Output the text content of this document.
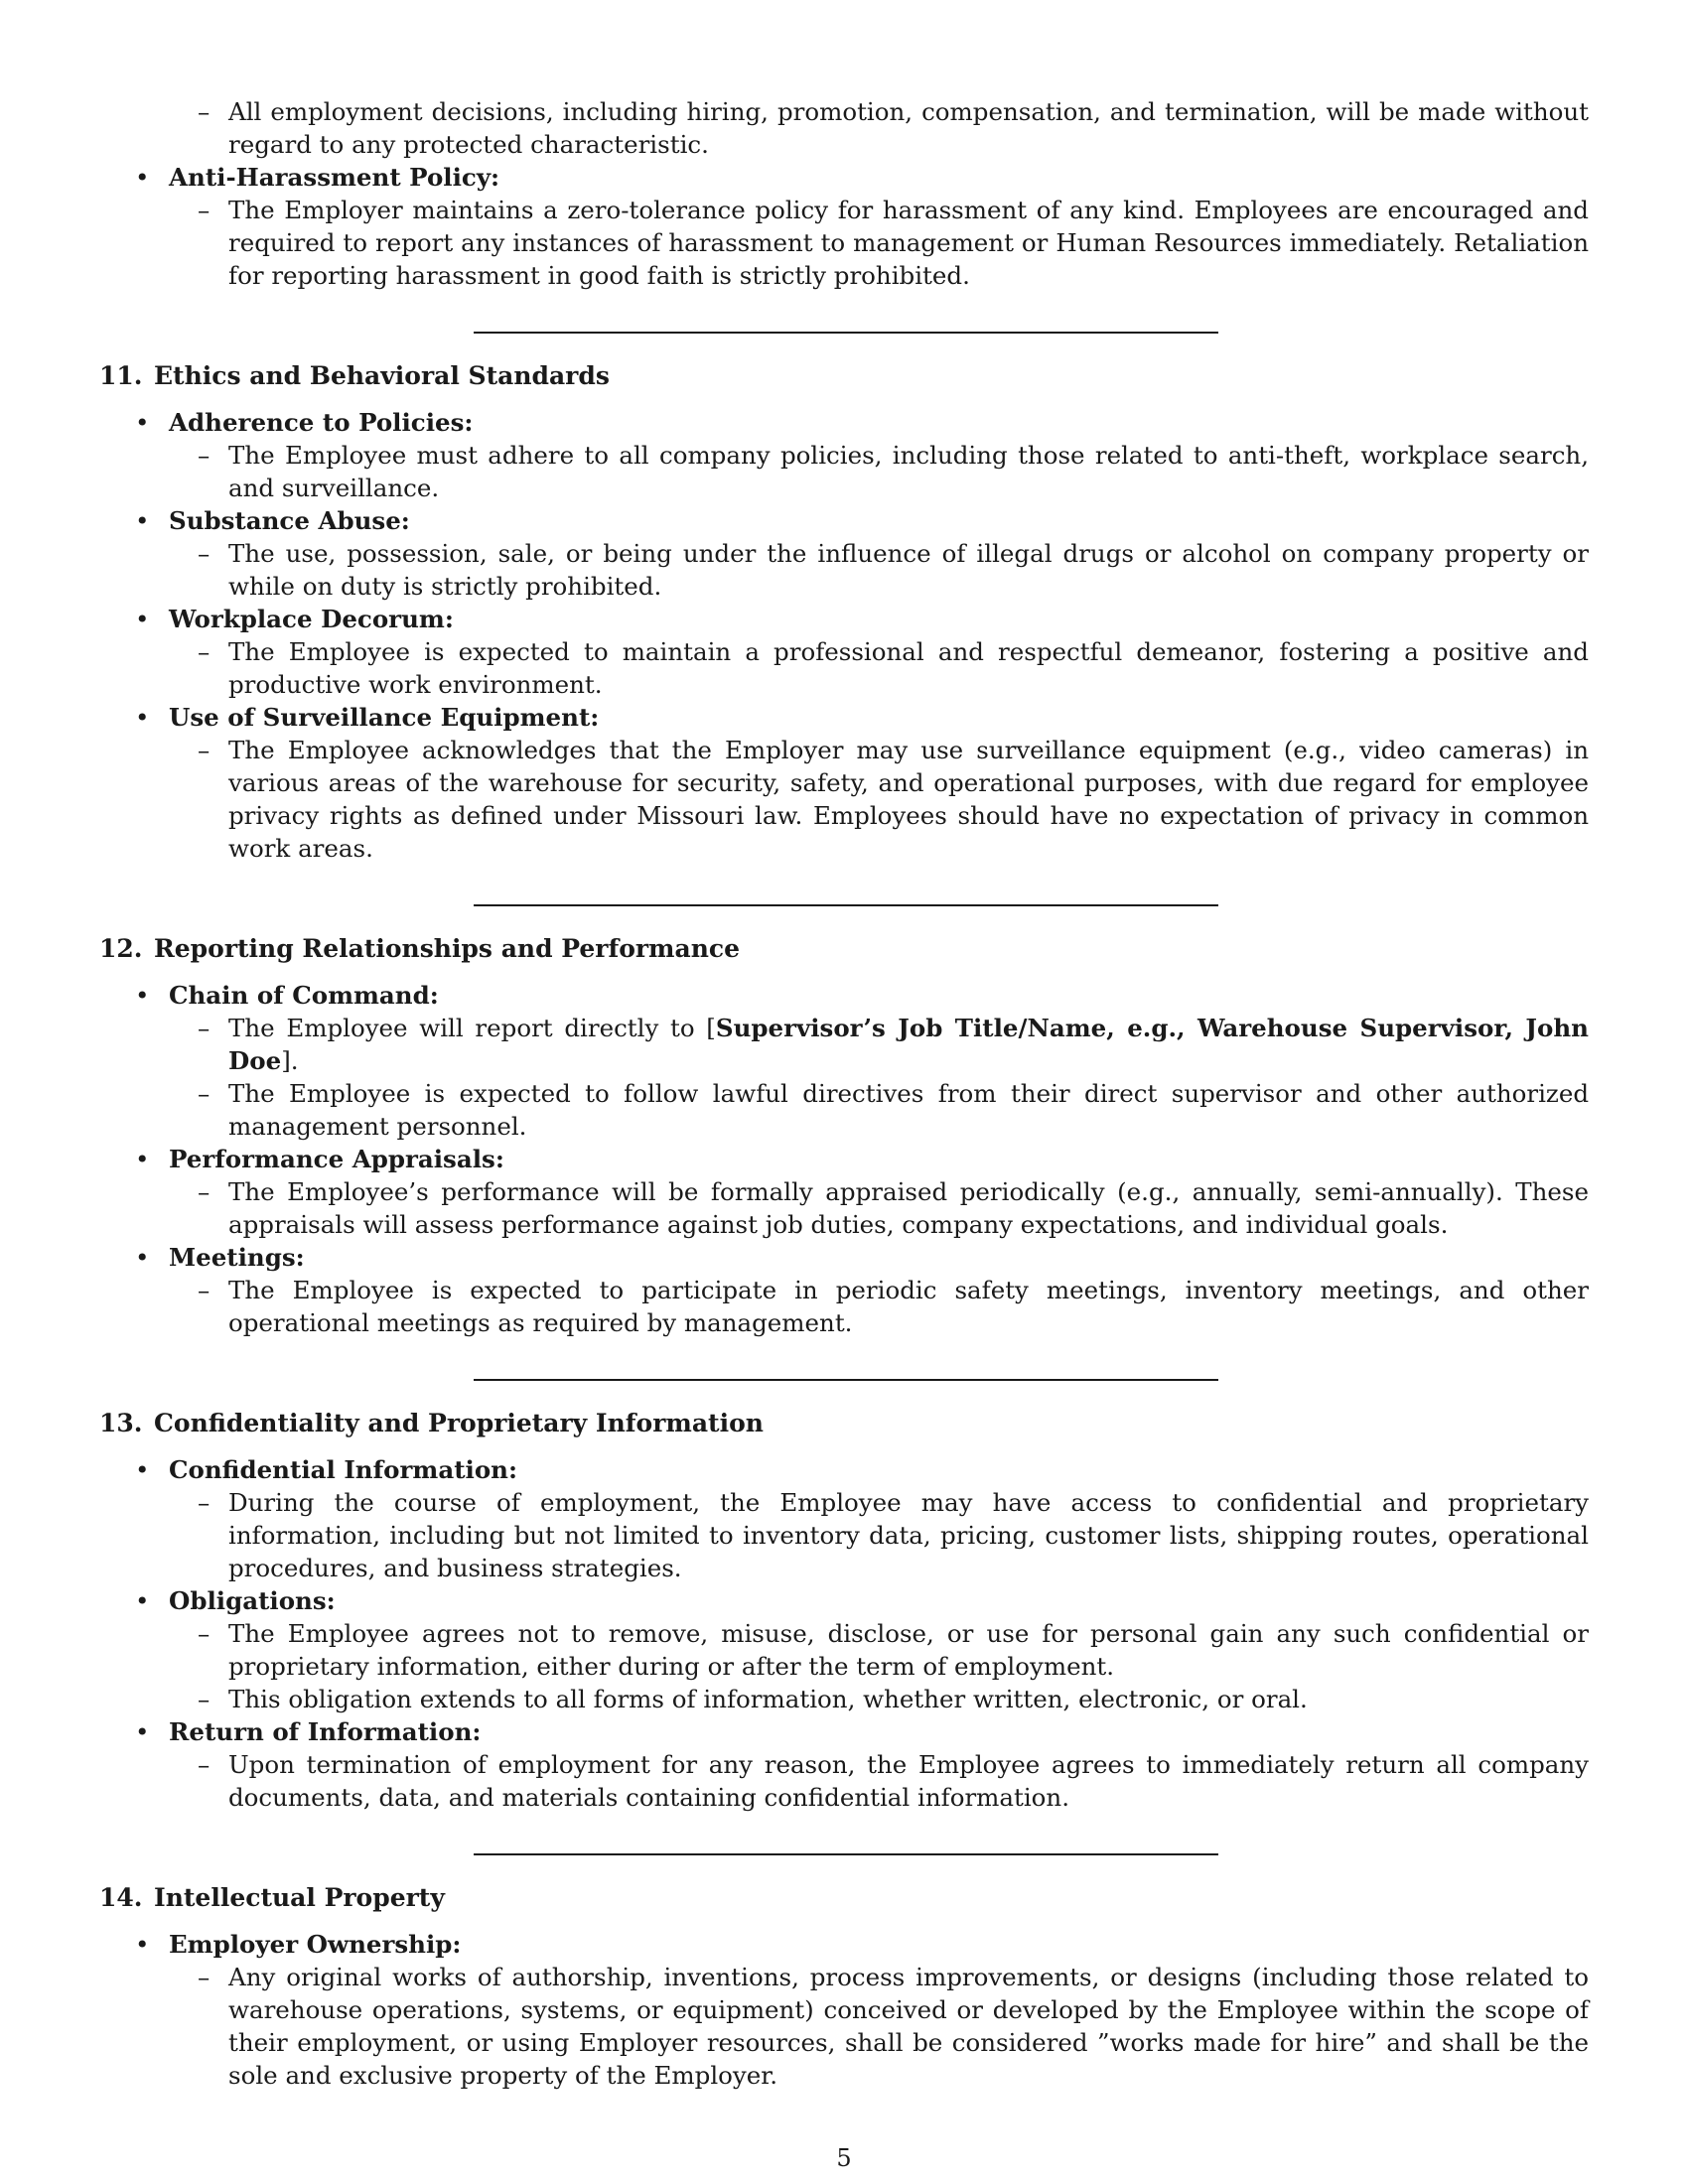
– All employment decisions, including hiring, promotion, compensation, and termination, will be made without regard to any protected characteristic.
• Anti-Harassment Policy:
– The Employer maintains a zero-tolerance policy for harassment of any kind. Employees are encouraged and required to report any instances of harassment to management or Human Resources immediately. Retaliation for reporting harassment in good faith is strictly prohibited.
11. Ethics and Behavioral Standards
• Adherence to Policies:
– The Employee must adhere to all company policies, including those related to anti-theft, workplace search, and surveillance.
• Substance Abuse:
– The use, possession, sale, or being under the influence of illegal drugs or alcohol on company property or while on duty is strictly prohibited.
• Workplace Decorum:
– The Employee is expected to maintain a professional and respectful demeanor, fostering a positive and productive work environment.
• Use of Surveillance Equipment:
– The Employee acknowledges that the Employer may use surveillance equipment (e.g., video cameras) in various areas of the warehouse for security, safety, and operational purposes, with due regard for employee privacy rights as defined under Missouri law. Employees should have no expectation of privacy in common work areas.
12. Reporting Relationships and Performance
• Chain of Command:
– The Employee will report directly to [Supervisor’s Job Title/Name, e.g., Warehouse Supervisor, John Doe].
– The Employee is expected to follow lawful directives from their direct supervisor and other authorized management personnel.
• Performance Appraisals:
– The Employee’s performance will be formally appraised periodically (e.g., annually, semi-annually). These appraisals will assess performance against job duties, company expectations, and individual goals.
• Meetings:
– The Employee is expected to participate in periodic safety meetings, inventory meetings, and other operational meetings as required by management.
13. Confidentiality and Proprietary Information
• Confidential Information:
– During the course of employment, the Employee may have access to confidential and proprietary information, including but not limited to inventory data, pricing, customer lists, shipping routes, operational procedures, and business strategies.
• Obligations:
– The Employee agrees not to remove, misuse, disclose, or use for personal gain any such confidential or proprietary information, either during or after the term of employment.
– This obligation extends to all forms of information, whether written, electronic, or oral.
• Return of Information:
– Upon termination of employment for any reason, the Employee agrees to immediately return all company documents, data, and materials containing confidential information.
14. Intellectual Property
• Employer Ownership:
– Any original works of authorship, inventions, process improvements, or designs (including those related to warehouse operations, systems, or equipment) conceived or developed by the Employee within the scope of their employment, or using Employer resources, shall be considered ”works made for hire” and shall be the sole and exclusive property of the Employer.
5
